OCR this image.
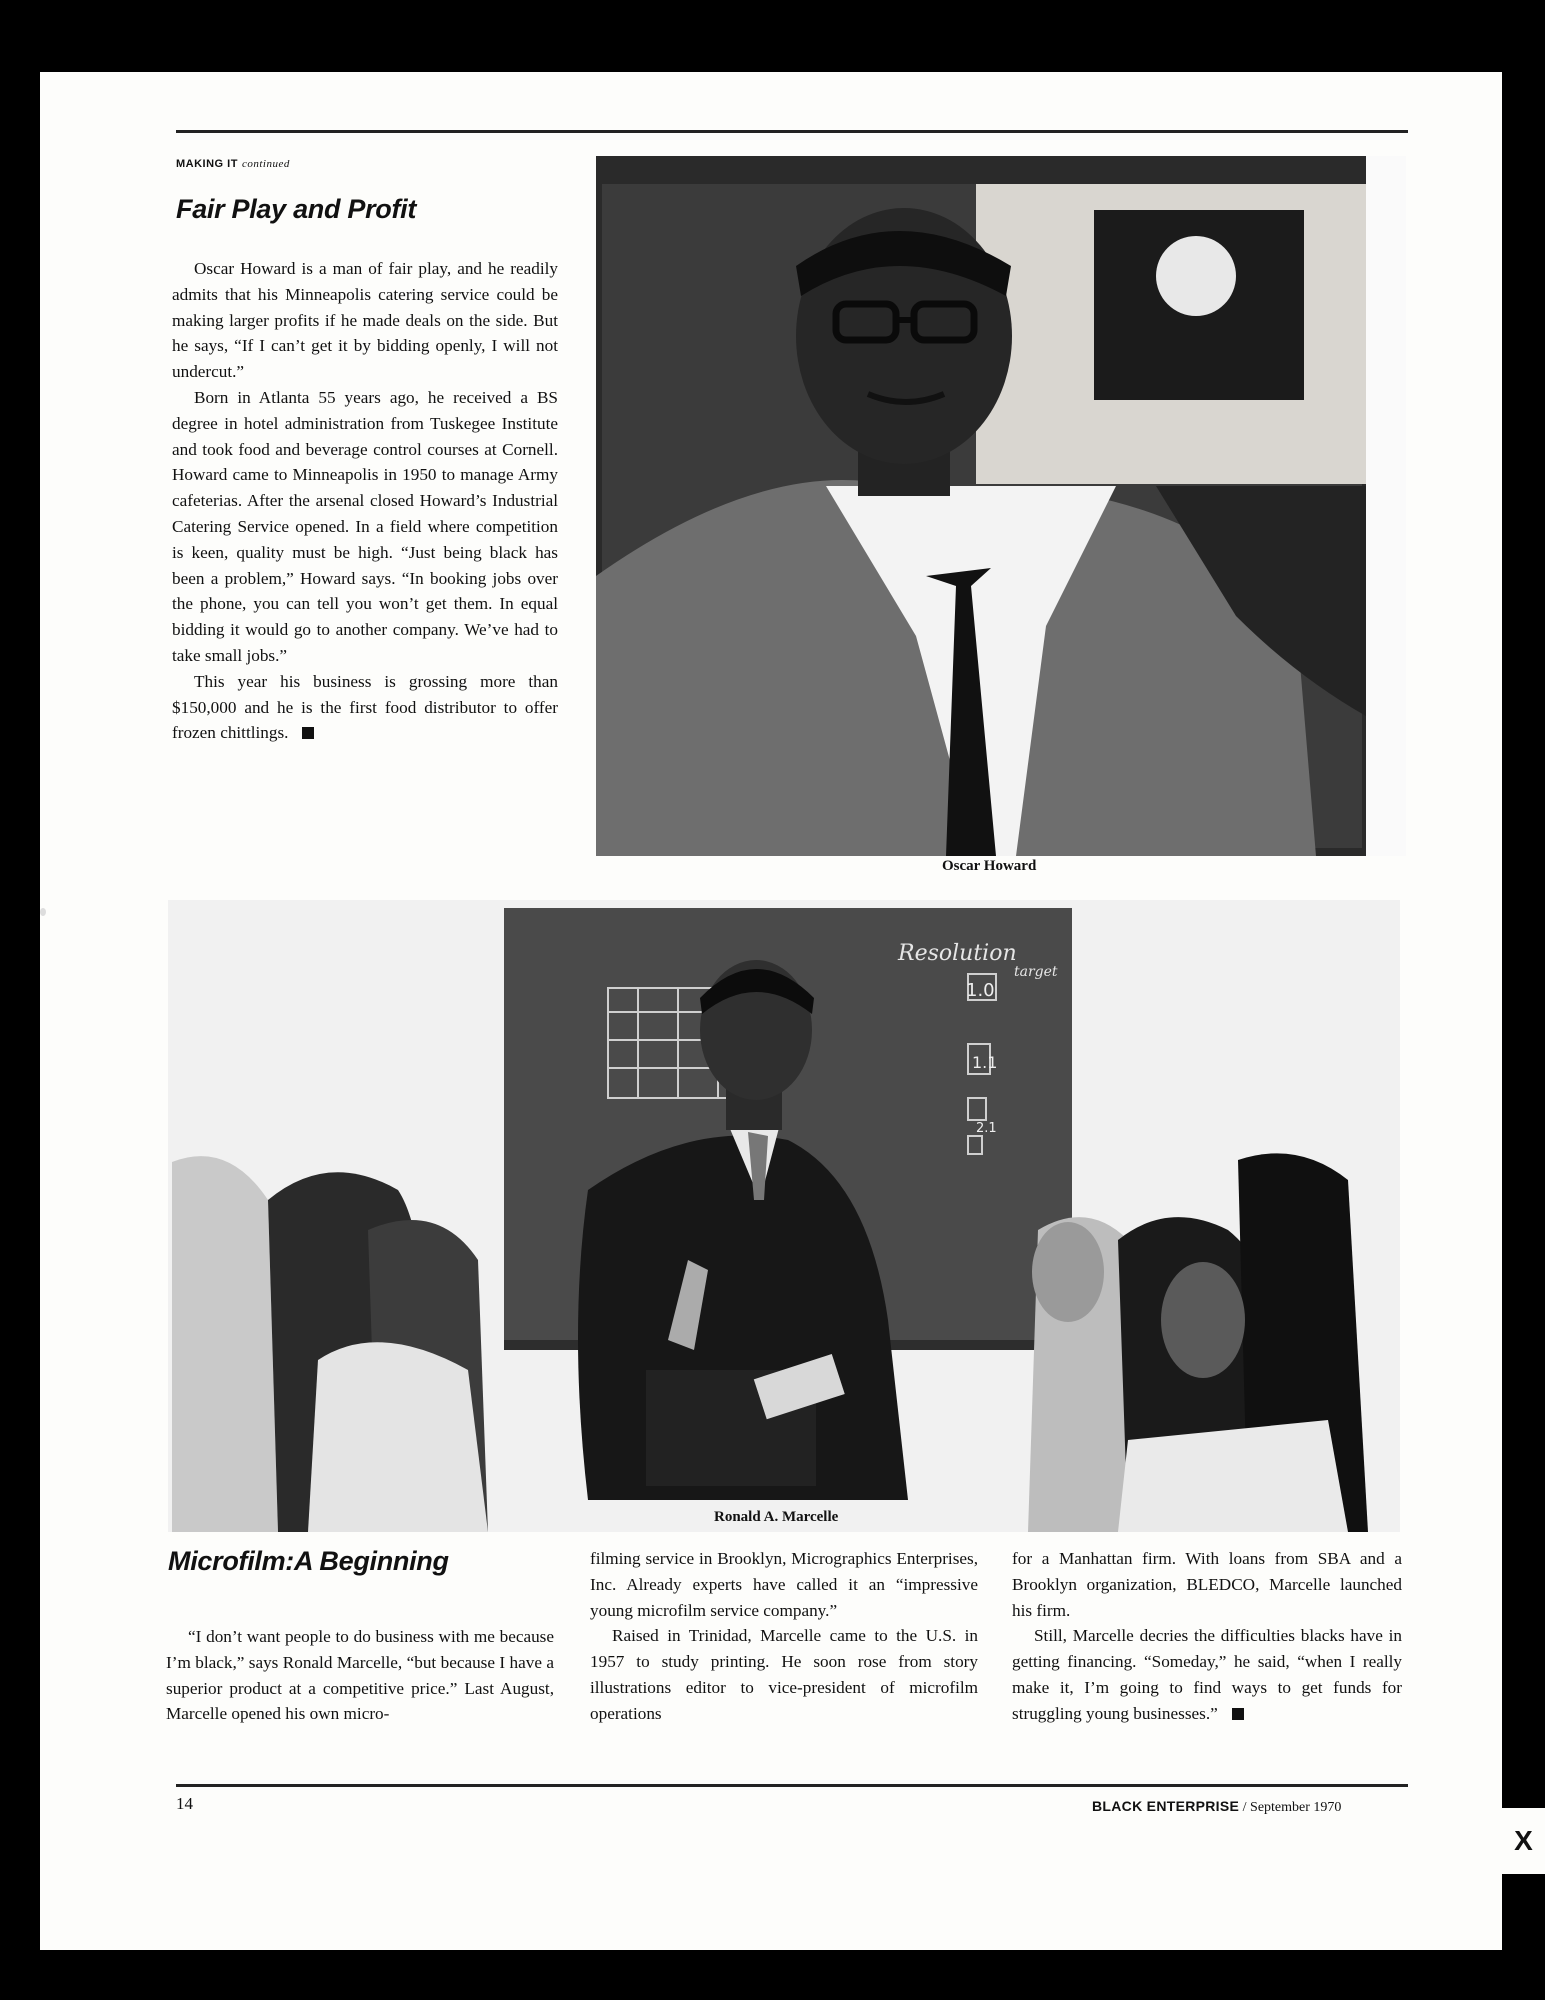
MAKING IT continued
Fair Play and Profit

Oscar Howard is a man of fair play, and he readily admits that his Minneapolis catering service could be making larger profits if he made deals on the side. But he says, “If I can’t get it by bidding openly, I will not undercut.”

Born in Atlanta 55 years ago, he received a BS degree in hotel administration from Tuskegee Institute and took food and beverage control courses at Cornell. Howard came to Minneapolis in 1950 to manage Army cafeterias. After the arsenal closed Howard’s Industrial Catering Service opened. In a field where competition is keen, quality must be high. “Just being black has been a problem,” Howard says. “In booking jobs over the phone, you can tell you won’t get them. In equal bidding it would go to another company. We’ve had to take small jobs.”

This year his business is grossing more than $150,000 and he is the first food distributor to offer frozen chittlings.

Oscar Howard
Resolution
target
1.0
1.1
2.1
Ronald A. Marcelle
Microfilm:A Beginning

“I don’t want people to do business with me because I’m black,” says Ronald Marcelle, “but because I have a superior product at a competitive price.” Last August, Marcelle opened his own micro-

filming service in Brooklyn, Micrographics Enterprises, Inc. Already experts have called it an “impressive young microfilm service company.”

Raised in Trinidad, Marcelle came to the U.S. in 1957 to study printing. He soon rose from story illustrations editor to vice-president of microfilm operations

for a Manhattan firm. With loans from SBA and a Brooklyn organization, BLEDCO, Marcelle launched his firm.

Still, Marcelle decries the difficulties blacks have in getting financing. “Someday,” he said, “when I really make it, I’m going to find ways to get funds for struggling young businesses.”

14	BLACK ENTERPRISE / September 1970
X
